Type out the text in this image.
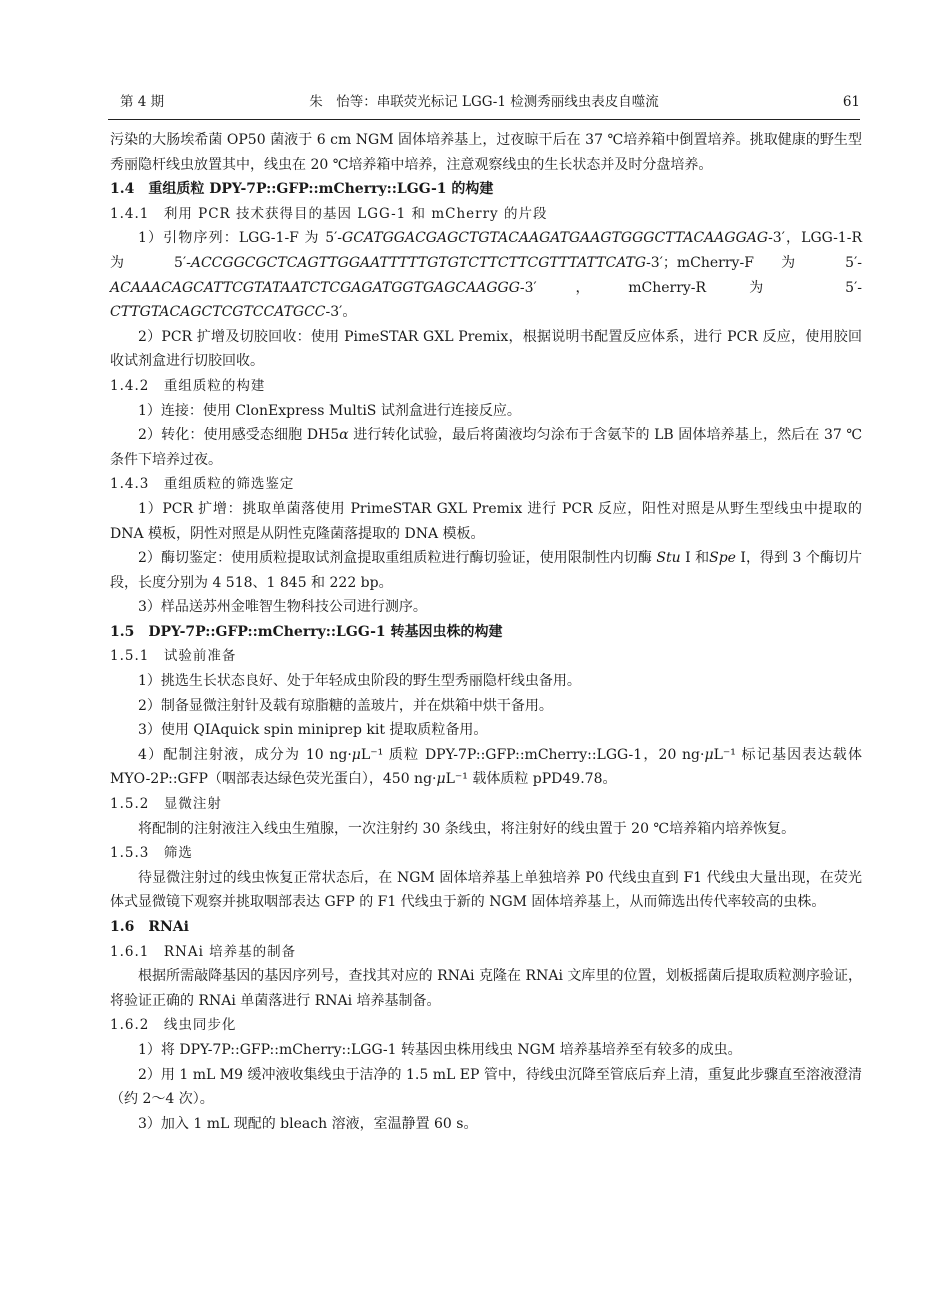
第 4 期	朱　怡等：串联荧光标记 LGG-1 检测秀丽线虫表皮自噬流	61

污染的大肠埃希菌 OP50 菌液于 6 cm NGM 固体培养基上，过夜晾干后在 37 ℃培养箱中倒置培养。挑取健康的野生型秀丽隐杆线虫放置其中，线虫在 20 ℃培养箱中培养，注意观察线虫的生长状态并及时分盘培养。

1.4　重组质粒 DPY-7P::GFP::mCherry::LGG-1 的构建

1.4.1　利用 PCR 技术获得目的基因 LGG-1 和 mCherry 的片段

1）引物序列：LGG-1-F 为 5′-GCATGGACGAGCTGTACAAGATGAAGTGGGCTTACAAGGAG-3′，LGG-1-R 为 5′-ACCGGCGCTCAGTTGGAATTTTTGTGTCTTCTTCGTTTATTCATG-3′；mCherry-F 为 5′-ACAAACAGCATTCGTATAATCTCGAGATGGTGAGCAAGGG-3′，mCherry-R 为 5′-CTTGTACAGCTCGTCCATGCC-3′。

2）PCR 扩增及切胶回收：使用 PimeSTAR GXL Premix，根据说明书配置反应体系，进行 PCR 反应，使用胶回收试剂盒进行切胶回收。

1.4.2　重组质粒的构建

1）连接：使用 ClonExpress MultiS 试剂盒进行连接反应。

2）转化：使用感受态细胞 DH5α 进行转化试验，最后将菌液均匀涂布于含氨苄的 LB 固体培养基上，然后在 37 ℃条件下培养过夜。

1.4.3　重组质粒的筛选鉴定

1）PCR 扩增：挑取单菌落使用 PrimeSTAR GXL Premix 进行 PCR 反应，阳性对照是从野生型线虫中提取的 DNA 模板，阴性对照是从阴性克隆菌落提取的 DNA 模板。

2）酶切鉴定：使用质粒提取试剂盒提取重组质粒进行酶切验证，使用限制性内切酶 Stu I 和Spe I，得到 3 个酶切片段，长度分别为 4 518、1 845 和 222 bp。

3）样品送苏州金唯智生物科技公司进行测序。

1.5　DPY-7P::GFP::mCherry::LGG-1 转基因虫株的构建

1.5.1　试验前准备

1）挑选生长状态良好、处于年轻成虫阶段的野生型秀丽隐杆线虫备用。

2）制备显微注射针及载有琼脂糖的盖玻片，并在烘箱中烘干备用。

3）使用 QIAquick spin miniprep kit 提取质粒备用。

4）配制注射液，成分为 10 ng·μL⁻¹ 质粒 DPY-7P::GFP::mCherry::LGG-1，20 ng·μL⁻¹ 标记基因表达载体 MYO-2P::GFP（咽部表达绿色荧光蛋白），450 ng·μL⁻¹ 载体质粒 pPD49.78。

1.5.2　显微注射

将配制的注射液注入线虫生殖腺，一次注射约 30 条线虫，将注射好的线虫置于 20 ℃培养箱内培养恢复。

1.5.3　筛选

待显微注射过的线虫恢复正常状态后，在 NGM 固体培养基上单独培养 P0 代线虫直到 F1 代线虫大量出现，在荧光体式显微镜下观察并挑取咽部表达 GFP 的 F1 代线虫于新的 NGM 固体培养基上，从而筛选出传代率较高的虫株。

1.6　RNAi

1.6.1　RNAi 培养基的制备

根据所需敲降基因的基因序列号，查找其对应的 RNAi 克隆在 RNAi 文库里的位置，划板摇菌后提取质粒测序验证，将验证正确的 RNAi 单菌落进行 RNAi 培养基制备。

1.6.2　线虫同步化

1）将 DPY-7P::GFP::mCherry::LGG-1 转基因虫株用线虫 NGM 培养基培养至有较多的成虫。

2）用 1 mL M9 缓冲液收集线虫于洁净的 1.5 mL EP 管中，待线虫沉降至管底后弃上清，重复此步骤直至溶液澄清（约 2～4 次）。

3）加入 1 mL 现配的 bleach 溶液，室温静置 60 s。
